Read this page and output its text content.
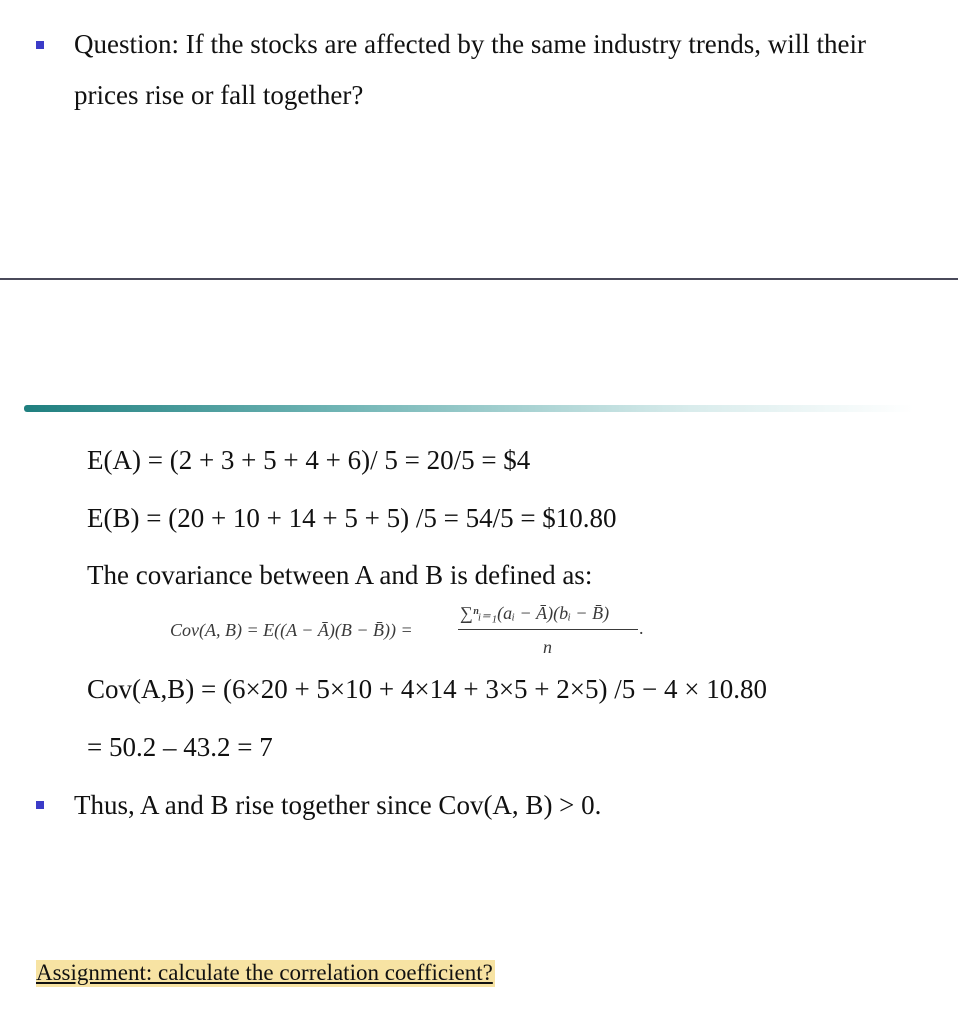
Question: If the stocks are affected by the same industry trends, will their
prices rise or fall together?
E(A) = (2 + 3 + 5 + 4 + 6)/ 5 = 20/5 = $4
E(B) = (20 + 10 + 14 + 5 + 5) /5 = 54/5 = $10.80
The covariance between A and B is defined as:
Cov(A, B) = E((A − Ā)(B − B̄)) =
∑ⁿᵢ₌₁(aᵢ − Ā)(bᵢ − B̄)
n
.
Cov(A,B) = (6×20 + 5×10 + 4×14 + 3×5 + 2×5) /5 − 4 × 10.80
= 50.2 – 43.2 = 7
Thus, A and B rise together since Cov(A, B) > 0.
Assignment: calculate the correlation coefficient?
